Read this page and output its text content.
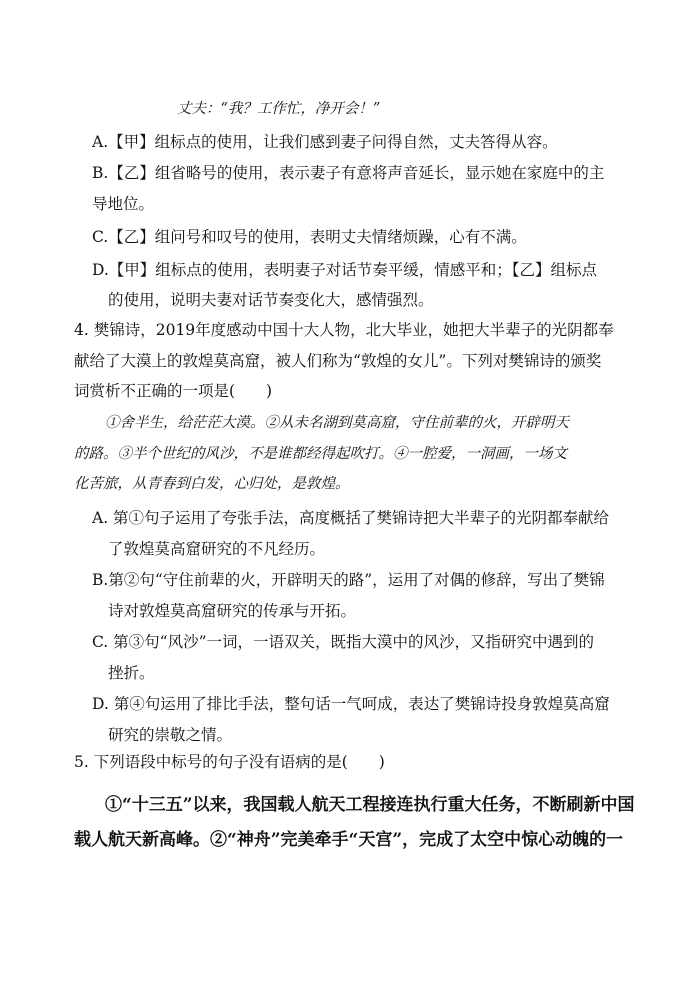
丈夫：“我？工作忙，净开会！”
A.【甲】组标点的使用，让我们感到妻子问得自然，丈夫答得从容。
B.【乙】组省略号的使用，表示妻子有意将声音延长，显示她在家庭中的主
导地位。
C.【乙】组问号和叹号的使用，表明丈夫情绪烦躁，心有不满。
D.【甲】组标点的使用，表明妻子对话节奏平缓，情感平和；【乙】组标点
的使用，说明夫妻对话节奏变化大，感情强烈。
4. 樊锦诗，2019年度感动中国十大人物，北大毕业，她把大半辈子的光阴都奉
献给了大漠上的敦煌莫高窟，被人们称为“敦煌的女儿”。下列对樊锦诗的颁奖
词赏析不正确的一项是(　　)
①舍半生，给茫茫大漠。②从未名湖到莫高窟，守住前辈的火，开辟明天
的路。③半个世纪的风沙，不是谁都经得起吹打。④一腔爱，一洞画，一场文
化苦旅，从青春到白发，心归处，是敦煌。
A. 第①句子运用了夸张手法，高度概括了樊锦诗把大半辈子的光阴都奉献给
了敦煌莫高窟研究的不凡经历。
B.第②句“守住前辈的火，开辟明天的路”，运用了对偶的修辞，写出了樊锦
诗对敦煌莫高窟研究的传承与开拓。
C. 第③句“风沙”一词，一语双关，既指大漠中的风沙，又指研究中遇到的
挫折。
D. 第④句运用了排比手法，整句话一气呵成，表达了樊锦诗投身敦煌莫高窟
研究的崇敬之情。
5. 下列语段中标号的句子没有语病的是(　　)
①“十三五”以来，我国载人航天工程接连执行重大任务，不断刷新中国
载人航天新高峰。②“神舟”完美牵手“天宫”，完成了太空中惊心动魄的一
